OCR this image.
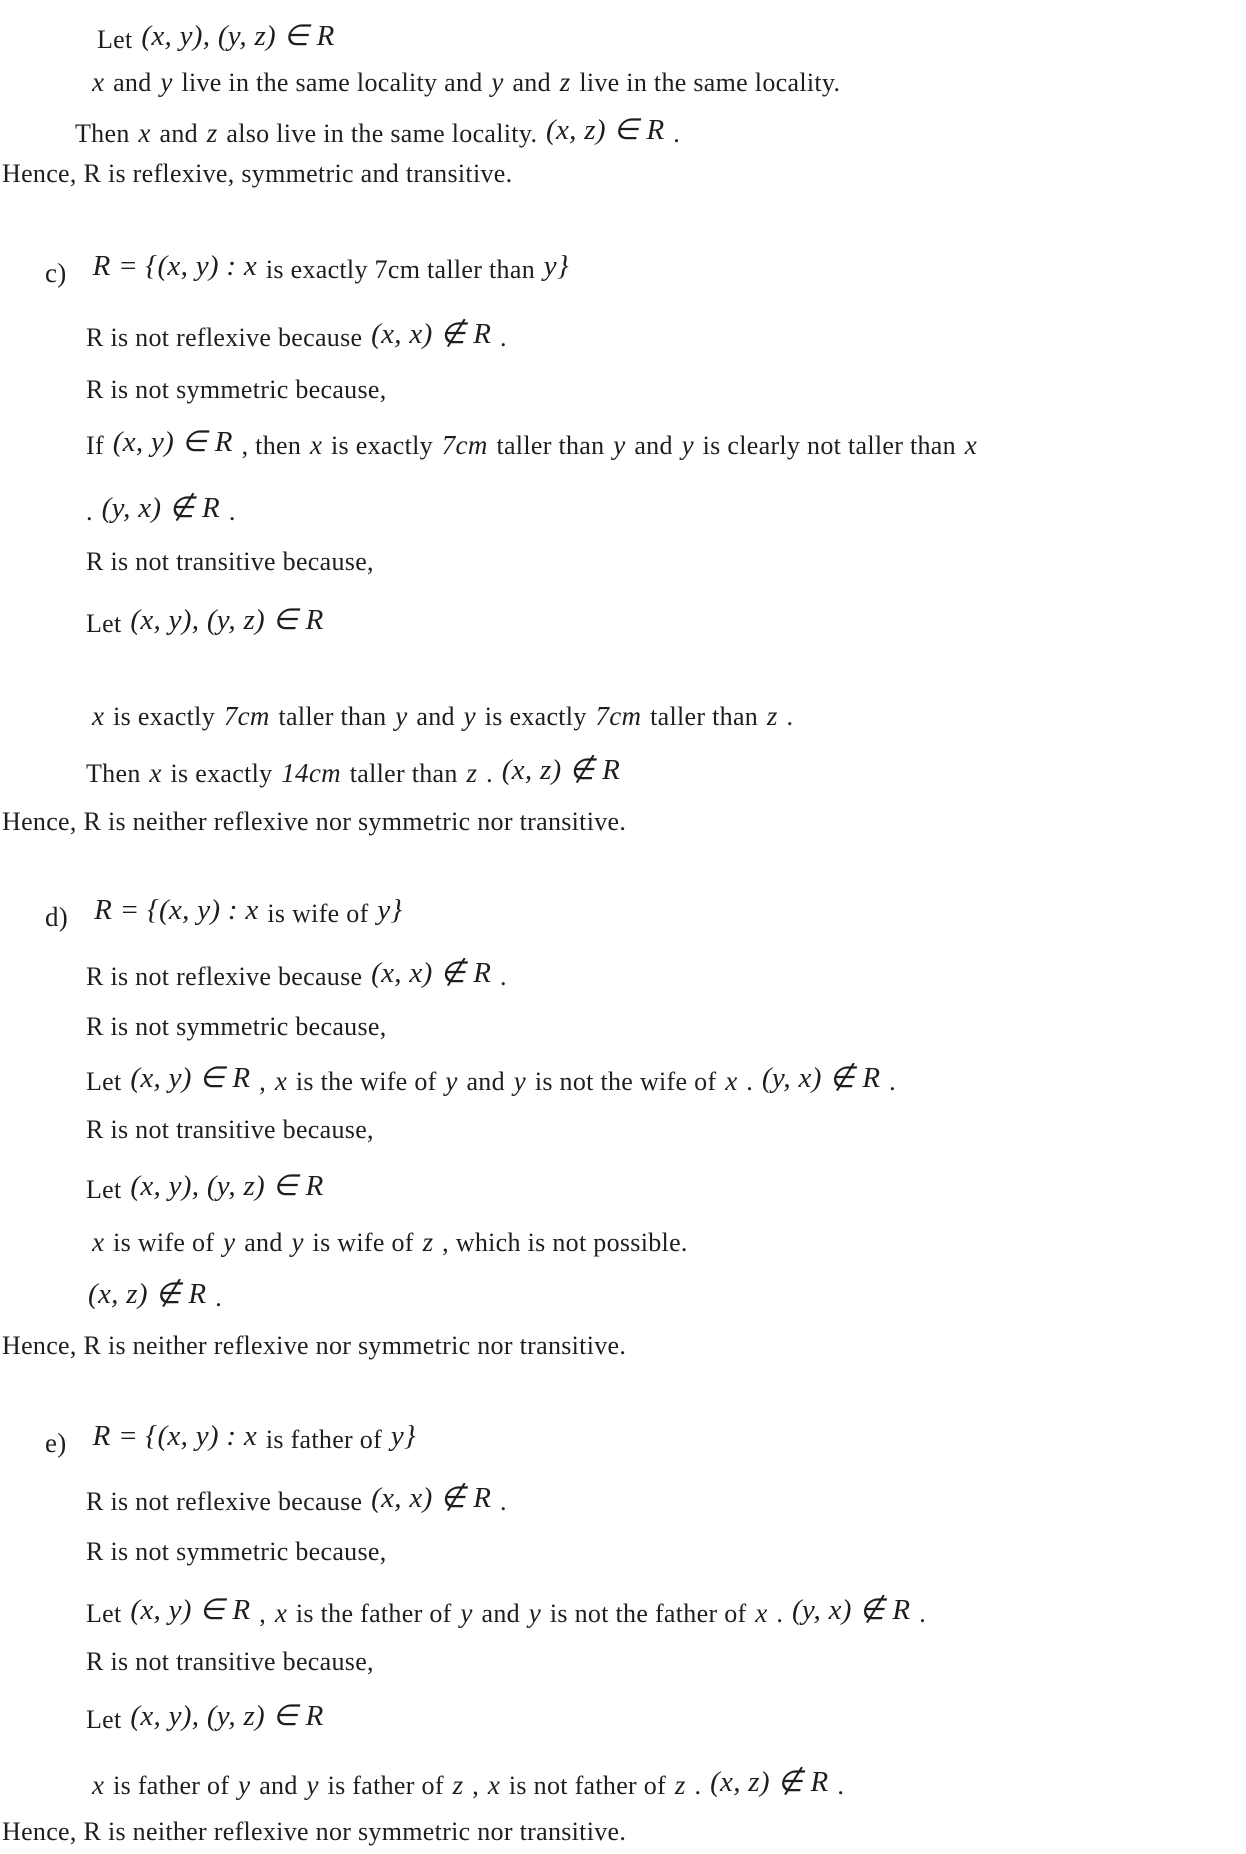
Let (x, y), (y, z) ∈ R
x and y live in the same locality and y and z live in the same locality.
Then x and z also live in the same locality. (x, z) ∈ R .
Hence, R is reflexive, symmetric and transitive.
c) R = {(x, y) : x is exactly 7cm taller than y}
R is not reflexive because (x, x) ∉ R .
R is not symmetric because,
If (x, y) ∈ R , then x is exactly 7cm taller than y and y is clearly not taller than x
. (y, x) ∉ R .
R is not transitive because,
Let (x, y), (y, z) ∈ R
x is exactly 7cm taller than y and y is exactly 7cm taller than z .
Then x is exactly 14cm taller than z . (x, z) ∉ R
Hence, R is neither reflexive nor symmetric nor transitive.
d) R = {(x, y) : x is wife of y}
R is not reflexive because (x, x) ∉ R .
R is not symmetric because,
Let (x, y) ∈ R , x is the wife of y and y is not the wife of x . (y, x) ∉ R .
R is not transitive because,
Let (x, y), (y, z) ∈ R
x is wife of y and y is wife of z , which is not possible.
(x, z) ∉ R .
Hence, R is neither reflexive nor symmetric nor transitive.
e) R = {(x, y) : x is father of y}
R is not reflexive because (x, x) ∉ R .
R is not symmetric because,
Let (x, y) ∈ R , x is the father of y and y is not the father of x . (y, x) ∉ R .
R is not transitive because,
Let (x, y), (y, z) ∈ R
x is father of y and y is father of z , x is not father of z . (x, z) ∉ R .
Hence, R is neither reflexive nor symmetric nor transitive.
